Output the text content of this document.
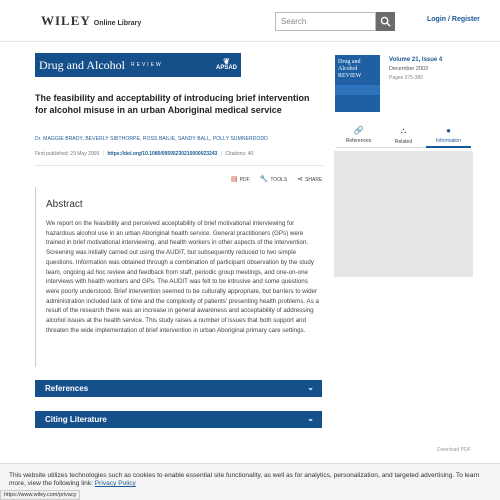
WILEY Online Library	Search	Login / Register
Drug and Alcohol REVIEW	❦
APSAD
The feasibility and acceptability of introducing brief intervention for alcohol misuse in an urban Aboriginal medical service
Dr. MAGGIE BRADY, BEVERLY SIBTHORPE, ROSS BAILIE, SANDY BALL, POLLY SUMNERDODD
First published: 29 May 2009 | https://doi.org/10.1080/09595230210000023243 | Citations: 40
▤ PDF 🔧 TOOLS ⋖ SHARE
Abstract
We report on the feasibility and perceived acceptability of brief motivational interviewing for hazardous alcohol use in an urban Aboriginal health service. General practitioners (GPs) were trained in brief motivational interviewing, and health workers in other aspects of the intervention. Screening was initially carried out using the AUDIT, but subsequently reduced to two simple questions. Information was obtained through a combination of participant observation by the study team, ongoing ad hoc review and feedback from staff, periodic group meetings, and one-on-one interviews with health workers and GPs. The AUDIT was felt to be intrusive and some questions were poorly understood. Brief intervention seemed to be culturally appropriate, but barriers to wider administration included lack of time and the complexity of patients' presenting health problems. As a result of the research there was an increase in general awareness and acceptability of addressing alcohol issues at the health service. This study raises a number of issues that both support and threaten the wide implementation of brief intervention in urban Aboriginal primary care settings.
References	⌄
Citing Literature	⌄
Drug and Alcohol REVIEW
Volume 21, Issue 4
December 2002
Pages 375-380
🔗
References
⛬
Related
●
Information
Download PDF
This website utilizes technologies such as cookies to enable essential site functionality, as well as for analytics, personalization, and targeted advertising. To learn more, view the following link: Privacy Policy
https://www.wiley.com/privacy
